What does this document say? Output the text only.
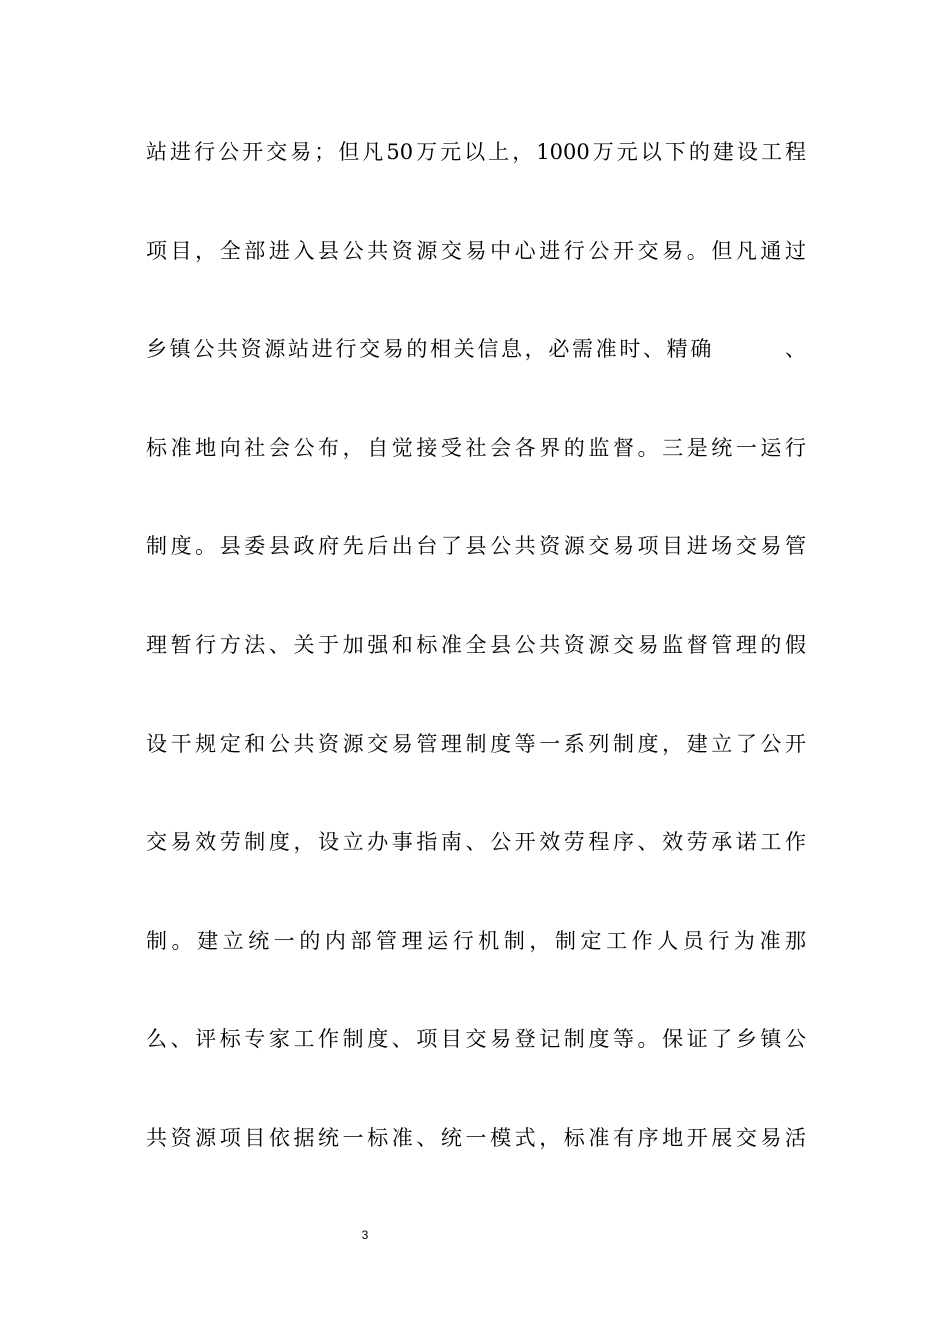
站进行公开交易；但凡50万元以上，1000万元以下的建设工程
项目，全部进入县公共资源交易中心进行公开交易。但凡通过
乡镇公共资源站进行交易的相关信息，必需准时、精确　　　、
标准地向社会公布，自觉接受社会各界的监督。三是统一运行
制度。县委县政府先后出台了县公共资源交易项目进场交易管
理暂行方法、关于加强和标准全县公共资源交易监督管理的假
设干规定和公共资源交易管理制度等一系列制度，建立了公开
交易效劳制度，设立办事指南、公开效劳程序、效劳承诺工作
制。建立统一的内部管理运行机制，制定工作人员行为准那
么、评标专家工作制度、项目交易登记制度等。保证了乡镇公
共资源项目依据统一标准、统一模式，标准有序地开展交易活
3
